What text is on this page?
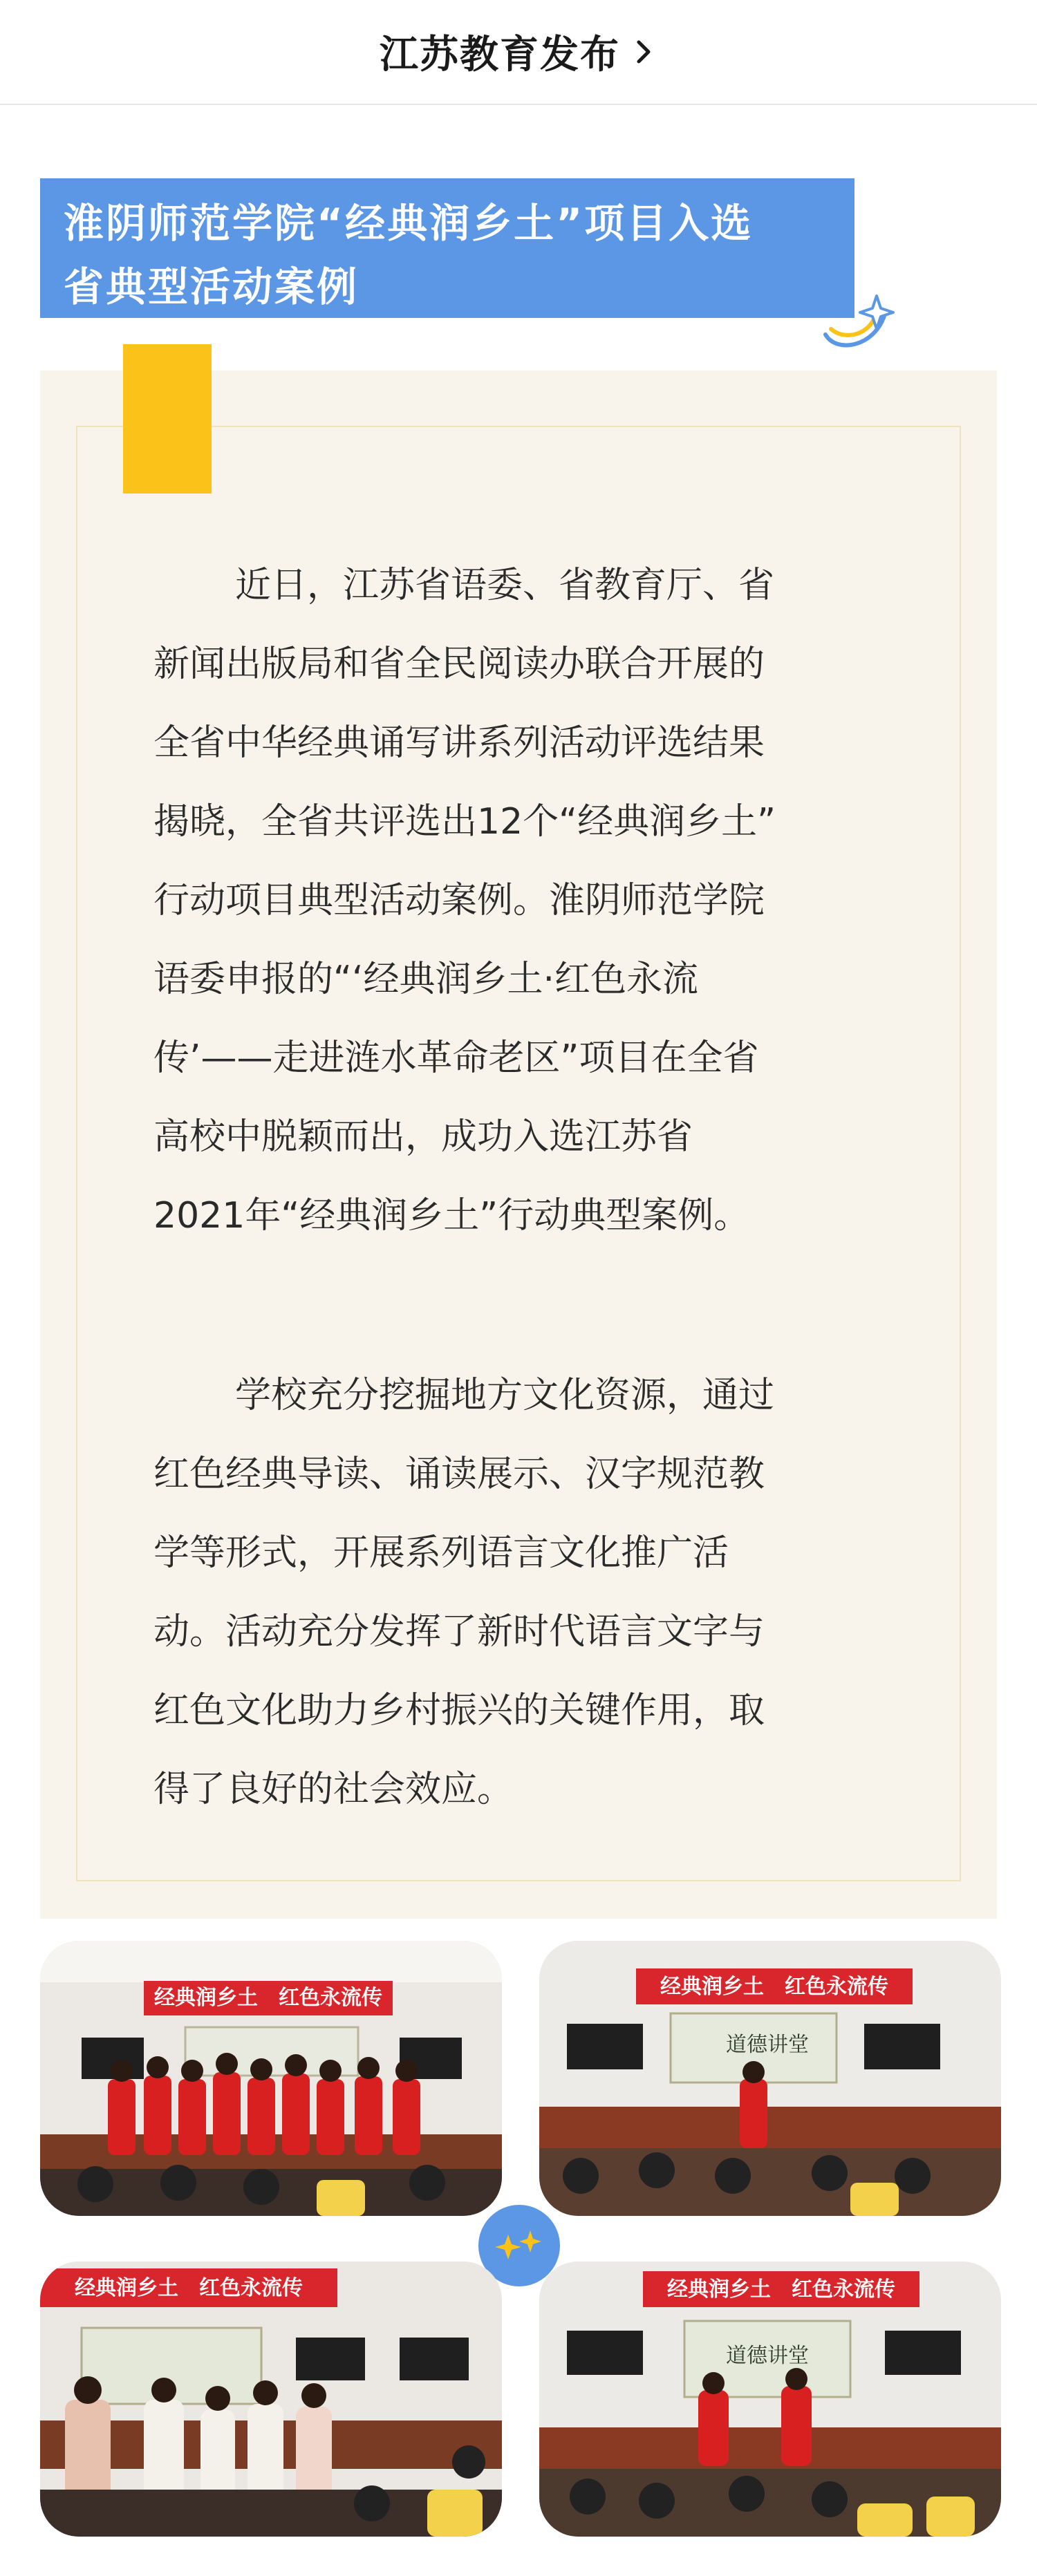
江苏教育发布
淮阴师范学院“经典润乡土”项目入选
省典型活动案例
近日，江苏省语委、省教育厅、省
新闻出版局和省全民阅读办联合开展的
全省中华经典诵写讲系列活动评选结果
揭晓，全省共评选出12个“经典润乡土”
行动项目典型活动案例。淮阴师范学院
语委申报的“‘经典润乡土·红色永流
传’——走进涟水革命老区”项目在全省
高校中脱颖而出，成功入选江苏省
2021年“经典润乡土”行动典型案例。
学校充分挖掘地方文化资源，通过
红色经典导读、诵读展示、汉字规范教
学等形式，开展系列语言文化推广活
动。活动充分发挥了新时代语言文字与
红色文化助力乡村振兴的关键作用，取
得了良好的社会效应。
经典润乡土　红色永流传	经典润乡土　红色永流传
道德讲堂
经典润乡土　红色永流传	经典润乡土　红色永流传
道德讲堂
